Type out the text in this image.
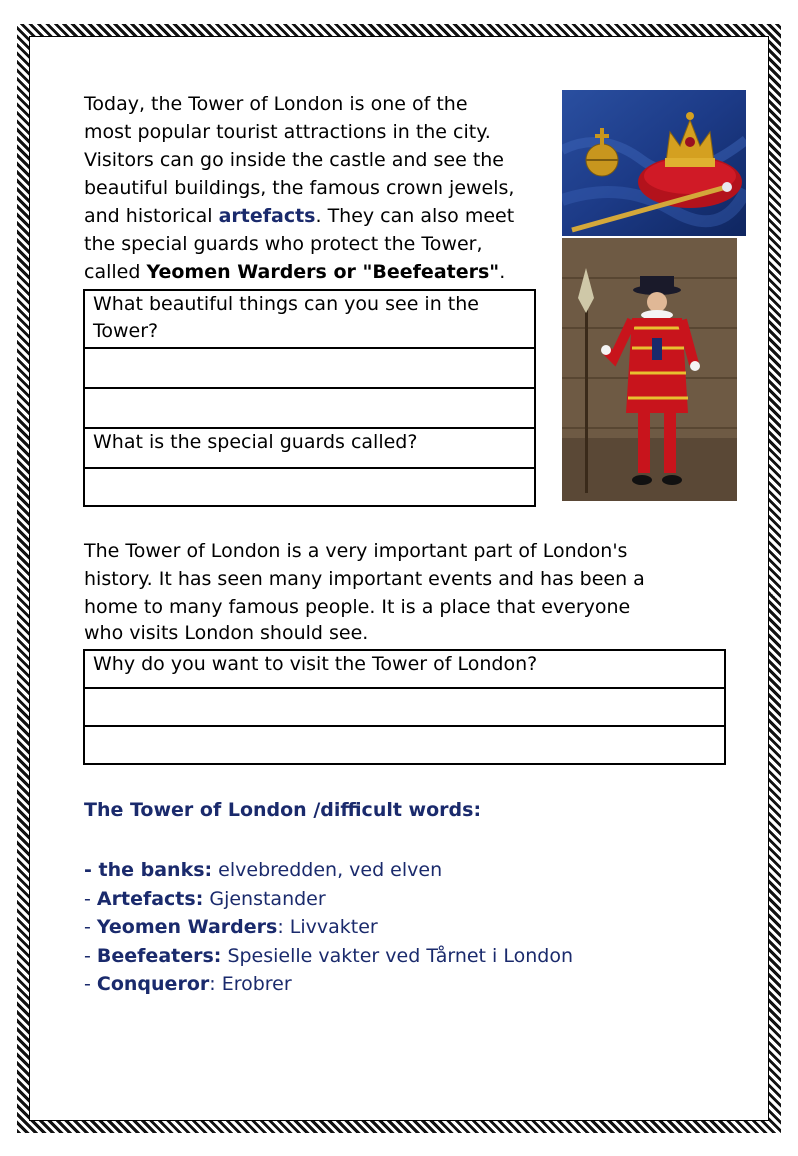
Today, the Tower of London is one of the
most popular tourist attractions in the city.
Visitors can go inside the castle and see the
beautiful buildings, the famous crown jewels,
and historical artefacts. They can also meet
the special guards who protect the Tower,
called Yeomen Warders or "Beefeaters".
What beautiful things can you see in the
Tower?

What is the special guards called?

The Tower of London is a very important part of London's
history. It has seen many important events and has been a
home to many famous people. It is a place that everyone
who visits London should see.
Why do you want to visit the Tower of London?

The Tower of London /difficult words:
- the banks: elvebredden, ved elven
- Artefacts: Gjenstander
- Yeomen Warders: Livvakter
- Beefeaters: Spesielle vakter ved Tårnet i London
- Conqueror: Erobrer
